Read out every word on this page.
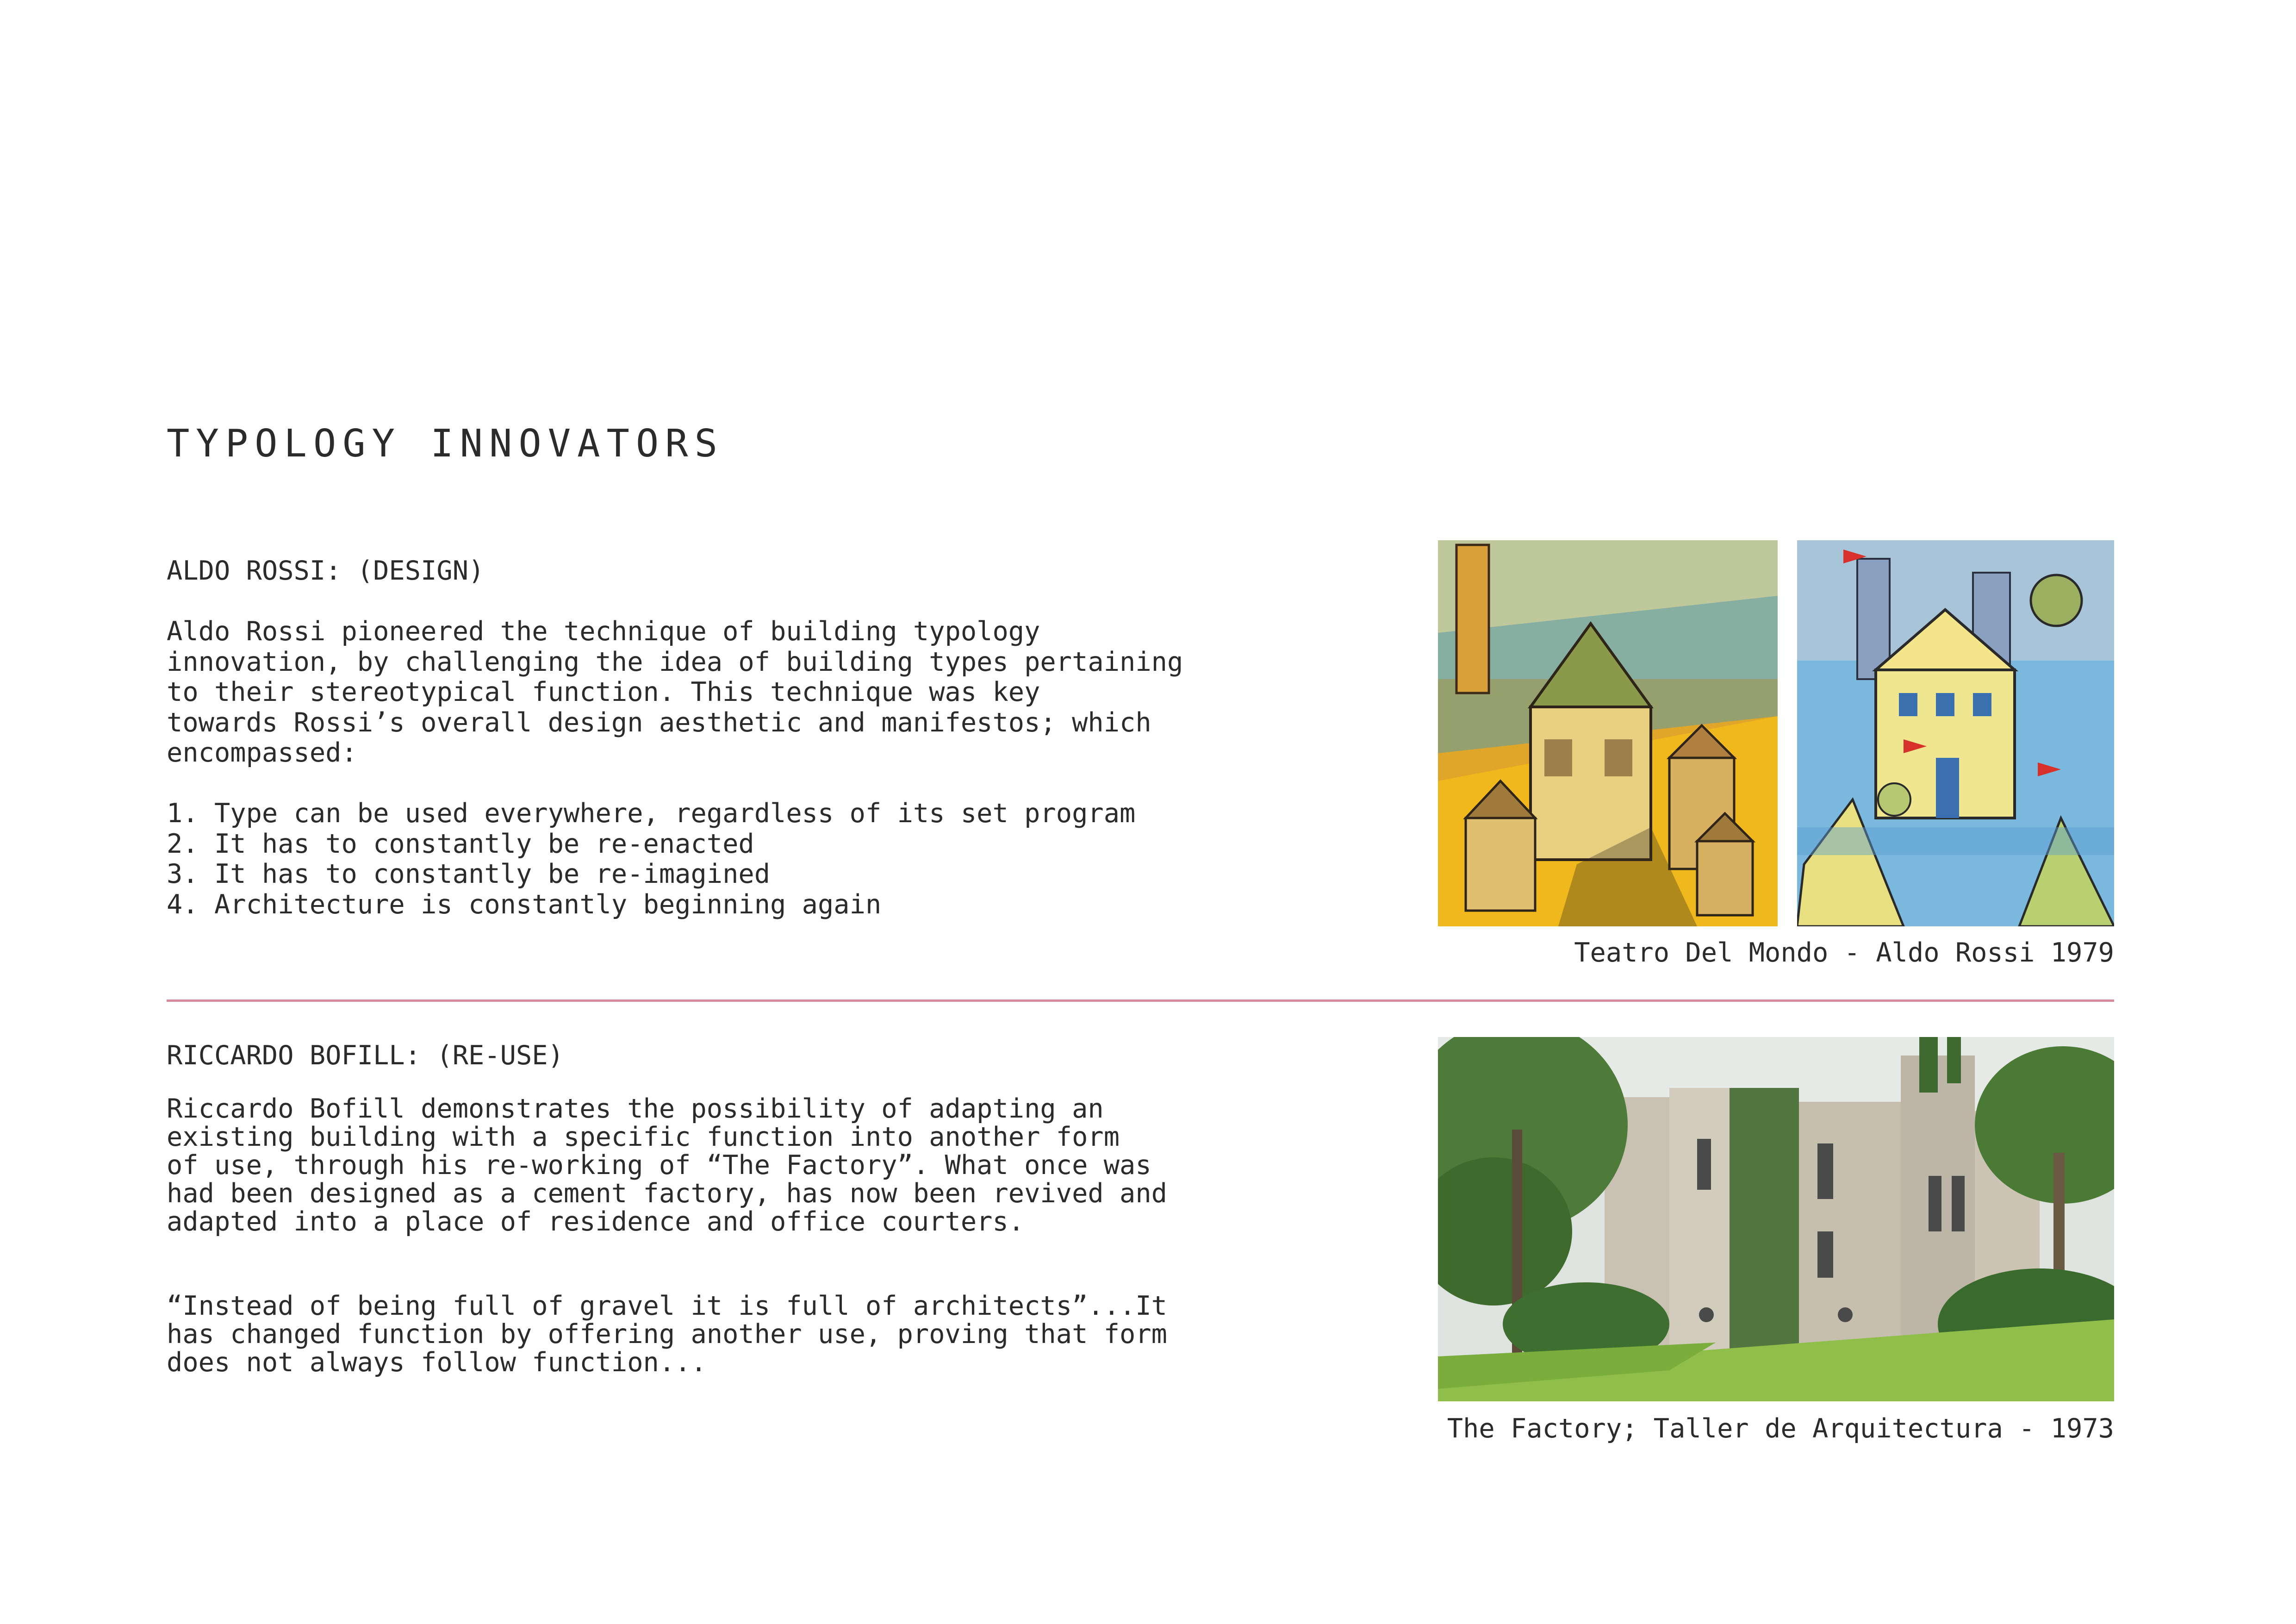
TYPOLOGY INNOVATORS
ALDO ROSSI: (DESIGN)
Aldo Rossi pioneered the technique of building typology
innovation, by challenging the idea of building types pertaining
to their stereotypical function. This technique was key
towards Rossi’s overall design aesthetic and manifestos; which
encompassed:
1. Type can be used everywhere, regardless of its set program
2. It has to constantly be re-enacted
3. It has to constantly be re-imagined
4. Architecture is constantly beginning again
Teatro Del Mondo - Aldo Rossi 1979
RICCARDO BOFILL: (RE-USE)
Riccardo Bofill demonstrates the possibility of adapting an
existing building with a specific function into another form
of use, through his re-working of “The Factory”. What once was
had been designed as a cement factory, has now been revived and
adapted into a place of residence and office courters.
“Instead of being full of gravel it is full of architects”...It
has changed function by offering another use, proving that form
does not always follow function...
The Factory; Taller de Arquitectura - 1973
